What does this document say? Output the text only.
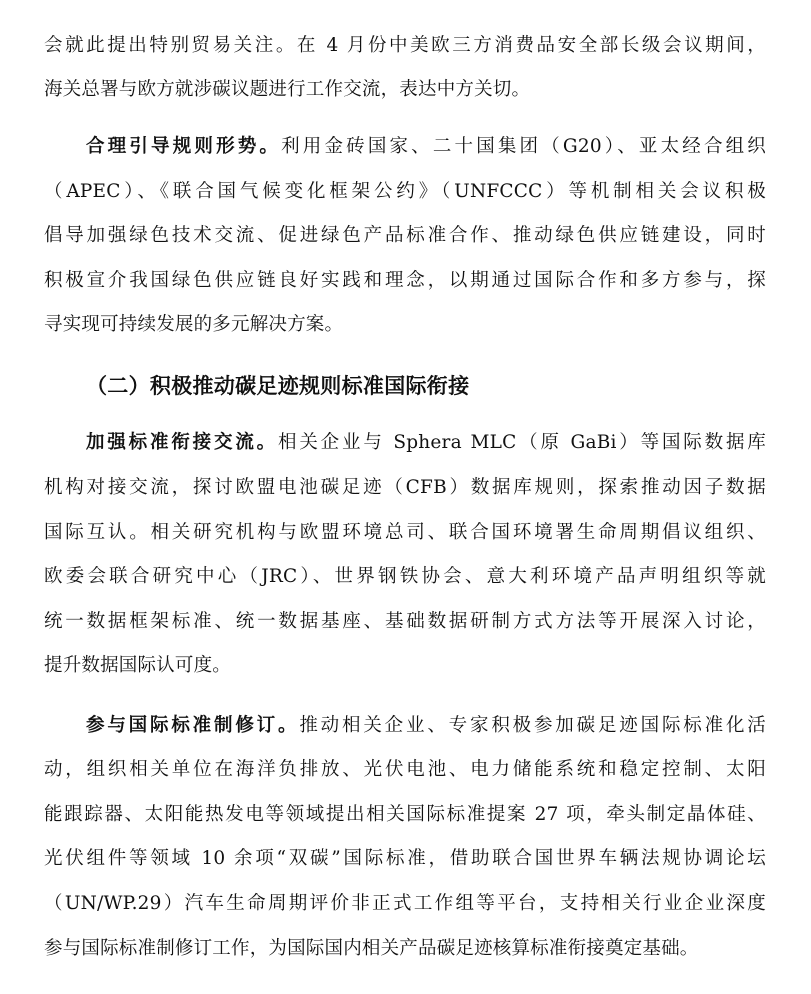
会就此提出特别贸易关注。在 4 月份中美欧三方消费品安全部长级会议期间，
海关总署与欧方就涉碳议题进行工作交流，表达中方关切。
合理引导规则形势。利用金砖国家、二十国集团（G20）、亚太经合组织
（APEC）、《联合国气候变化框架公约》（UNFCCC）等机制相关会议积极
倡导加强绿色技术交流、促进绿色产品标准合作、推动绿色供应链建设，同时
积极宣介我国绿色供应链良好实践和理念，以期通过国际合作和多方参与，探
寻实现可持续发展的多元解决方案。
（二）积极推动碳足迹规则标准国际衔接
加强标准衔接交流。相关企业与 Sphera MLC（原 GaBi）等国际数据库
机构对接交流，探讨欧盟电池碳足迹（CFB）数据库规则，探索推动因子数据
国际互认。相关研究机构与欧盟环境总司、联合国环境署生命周期倡议组织、
欧委会联合研究中心（JRC）、世界钢铁协会、意大利环境产品声明组织等就
统一数据框架标准、统一数据基座、基础数据研制方式方法等开展深入讨论，
提升数据国际认可度。
参与国际标准制修订。推动相关企业、专家积极参加碳足迹国际标准化活
动，组织相关单位在海洋负排放、光伏电池、电力储能系统和稳定控制、太阳
能跟踪器、太阳能热发电等领域提出相关国际标准提案 27 项，牵头制定晶体硅、
光伏组件等领域 10 余项“双碳”国际标准，借助联合国世界车辆法规协调论坛
（UN/WP.29）汽车生命周期评价非正式工作组等平台，支持相关行业企业深度
参与国际标准制修订工作，为国际国内相关产品碳足迹核算标准衔接奠定基础。
